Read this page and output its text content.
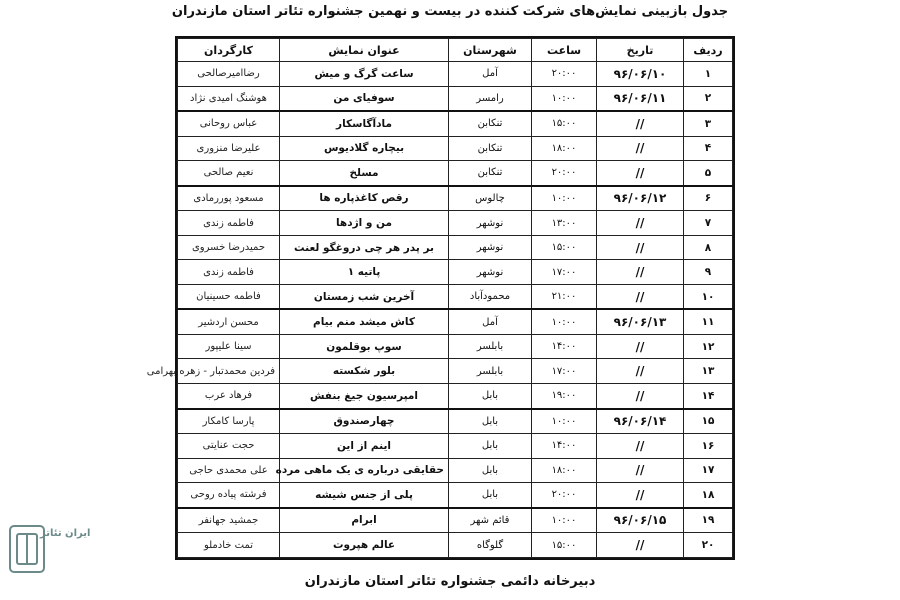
جدول بازبینی نمایش‌های شرکت کننده در بیست و نهمین جشنواره تئاتر استان مازندران
ردیف	تاریخ	ساعت	شهرستان	عنوان نمایش	کارگردان
۱	۹۶/۰۶/۱۰	۲۰:۰۰	آمل	ساعت گرگ و میش	رضاامیرصالحی
۲	۹۶/۰۶/۱۱	۱۰:۰۰	رامسر	سوفیای من	هوشنگ امیدی نژاد
۳	//	۱۵:۰۰	تنکابن	مادآگاسکار	عباس روحانی
۴	//	۱۸:۰۰	تنکابن	بیچاره گلادیوس	علیرضا منزوری
۵	//	۲۰:۰۰	تنکابن	مسلخ	نعیم صالحی
۶	۹۶/۰۶/۱۲	۱۰:۰۰	چالوس	رقص کاغذپاره ها	مسعود پوررمادی
۷	//	۱۳:۰۰	نوشهر	من و اژدها	فاطمه زندی
۸	//	۱۵:۰۰	نوشهر	بر پدر هر چی دروغگو لعنت	حمیدرضا خسروی
۹	//	۱۷:۰۰	نوشهر	پاتیه ۱	فاطمه زندی
۱۰	//	۲۱:۰۰	محمودآباد	آخرین شب زمستان	فاطمه حسینیان
۱۱	۹۶/۰۶/۱۳	۱۰:۰۰	آمل	کاش میشد منم بیام	محسن اردشیر
۱۲	//	۱۴:۰۰	بابلسر	سوپ بوقلمون	سینا علیپور
۱۳	//	۱۷:۰۰	بابلسر	بلور شکسته	فردین محمدتبار - زهره بهرامی
۱۴	//	۱۹:۰۰	بابل	امپرسیون جیغ بنفش	فرهاد عرب
۱۵	۹۶/۰۶/۱۴	۱۰:۰۰	بابل	چهارصندوق	پارسا کامکار
۱۶	//	۱۴:۰۰	بابل	اینم از این	حجت عنایتی
۱۷	//	۱۸:۰۰	بابل	حقایقی درباره ی یک ماهی مرده	علی محمدی حاجی
۱۸	//	۲۰:۰۰	بابل	پلی از جنس شیشه	فرشته پیاده روحی
۱۹	۹۶/۰۶/۱۵	۱۰:۰۰	قائم شهر	ابرام	جمشید جهانفر
۲۰	//	۱۵:۰۰	گلوگاه	عالم هپروت	تمت خادملو
ایران تئاتر
دبیرخانه دائمی جشنواره تئاتر استان مازندران
